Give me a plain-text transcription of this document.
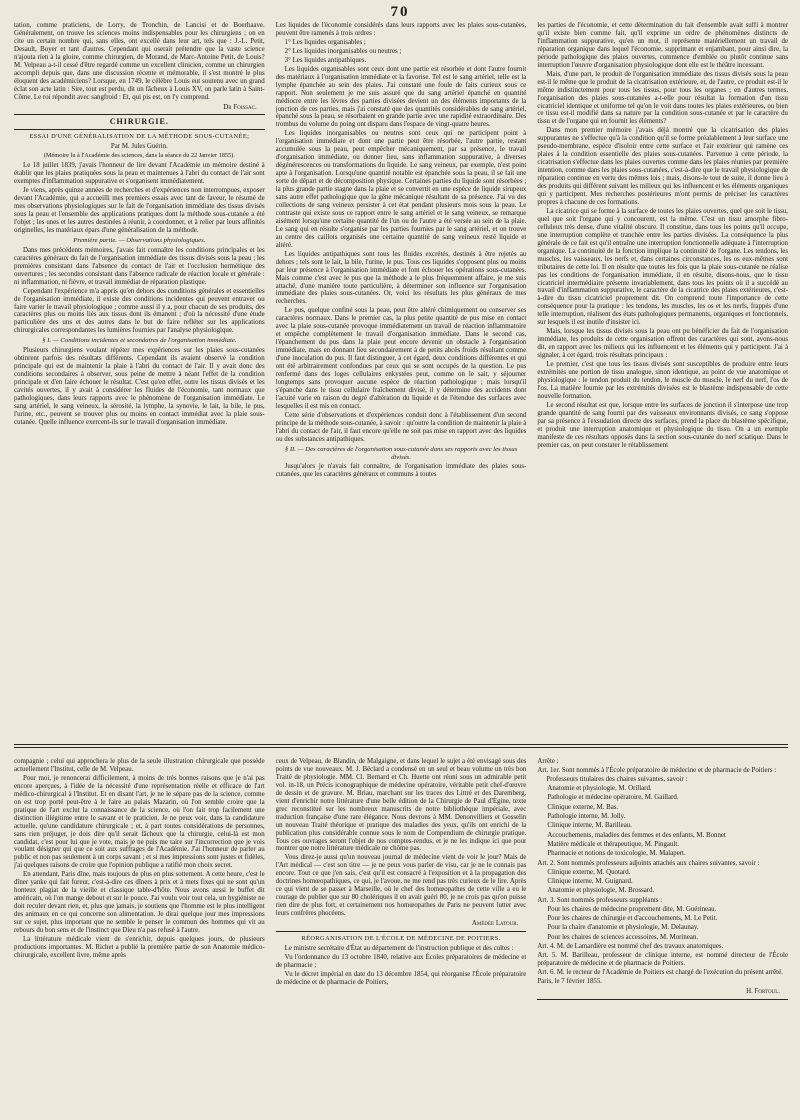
70

tation, comme praticiens, de Lorry, de Tronchin, de Lancisi et de Boerhaave. Généralement, on trouve les sciences moins indispensables pour les chirurgiens ; on en cite un certain nombre qui, sans elles, ont excellé dans leur art, tels que : J.-L. Petit, Desault, Boyer et tant d'autres. Cependant qui oserait prétendre que la vaste science n'ajouta rien à la gloire, comme chirurgien, de Morand, de Marc-Antoine Petit, de Louis? M. Velpeau a-t-il cessé d'être regardé comme un excellent clinicien, comme un chirurgien accompli depuis que, dans une discussion récente et mémorable, il s'est montré le plus éloquent des académiciens? Lorsque, en 1749, le célèbre Louis eut soutenu avec un grand éclat son acte latin : Sire, tout est perdu, dit un fâcheux à Louis XV, on parle latin à Saint-Côme. Le roi répondit avec sangfroid : Et, qui pis est, on l'y comprend.

Dr Foissac.
CHIRURGIE.
ESSAI D'UNE GÉNÉRALISATION DE LA MÉTHODE SOUS-CUTANÉE;
Par M. Jules Guérin.
(Mémoire lu à l'Académie des sciences, dans la séance du 22 Janvier 1855).

Le 18 juillet 1839, j'avais l'honneur de lire devant l'Académie un mémoire destiné à établir que les plaies pratiquées sous la peau et maintenues à l'abri du contact de l'air sont exemptes d'inflammation suppurative et s'organisent immédiatement.

Je viens, après quinze années de recherches et d'expériences non interrompues, exposer devant l'Académie, qui a accueilli mes premiers essais avec tant de faveur, le résumé de mes observations physiologiques sur le fait de l'organisation immédiate des tissus divisés sous la peau et l'ensemble des applications pratiques dont la méthode sous-cutanée a été l'objet ; les unes et les autres destinées à réunir, à coordonner, et à relier par leurs affinités originelles, les matériaux épars d'une généralisation de la méthode.

Première partie. — Observations physiologiques.

Dans mes précédents mémoires, j'avais fait connaître les conditions principales et les caractères généraux du fait de l'organisation immédiate des tissus divisés sous la peau ; les premières consistant dans l'absence du contact de l'air et l'occlusion hermétique des ouvertures ; les secondes consistant dans l'absence radicale de réaction locale et générale : ni inflammation, ni fièvre, et travail immédiat de réparation plastique.

Cependant l'expérience m'a appris qu'en dehors des conditions générales et essentielles de l'organisation immédiate, il existe des conditions incidentes qui peuvent entraver ou faire varier le travail physiologique ; comme aussi il y a, pour chacun de ses produits, des caractères plus ou moins liés aux tissus dont ils émanent ; d'où la nécessité d'une étude particulière des uns et des autres dans le but de faire refléter sur les applications chirurgicales correspondantes les lumières fournies par l'analyse physiologique.

§ I. — Conditions incidentes et secondaires de l'organisation immédiate.

Plusieurs chirurgiens voulant répéter mes expériences sur les plaies sous-cutanées obtinrent parfois des résultats différents. Cependant ils avaient observé la condition principale qui est de maintenir la plaie à l'abri du contact de l'air. Il y avait donc des conditions secondaires à observer, sous peine de mettre à néant l'effet de la condition principale et d'en faire échouer le résultat. C'est qu'en effet, outre les tissus divisés et les cavités ouvertes, il y avait à considérer les fluides de l'économie, tant normaux que pathologiques, dans leurs rapports avec le phénomène de l'organisation immédiate. Le sang artériel, le sang veineux, la sérosité, la lymphe, la synovie, le lait, la bile, le pus, l'urine, etc., peuvent se trouver plus ou moins en contact immédiat avec la plaie sous-cutanée. Quelle influence exercent-ils sur le travail d'organisation immédiate.

Les liquides de l'économie considérés dans leurs rapports avec les plaies sous-cutanées, peuvent être ramenés à trois ordres :

1° Les liquides organisables ;

2° Les liquides inorganisables ou neutres ;

3° Les liquides antipathiques.

Les liquides organisables sont ceux dont une partie est résorbée et dont l'autre fournit des matériaux à l'organisation immédiate et la favorise. Tel est le sang artériel, telle est la lymphe épanchée au sein des plaies. J'ai constaté une foule de faits curieux sous ce rapport. Non seulement je me suis assuré que du sang artériel épanché en quantité médiocre entre les lèvres des parties divisées devient un des éléments importants de la jonction de ces parties, mais j'ai constaté que des quantités considérables de sang artériel, épanché sous la peau, se résorbaient en grande partie avec une rapidité extraordinaire. Des trombus du volume du poing ont disparu dans l'espace de vingt-quatre heures.

Les liquides inorganisables ou neutres sont ceux qui ne participent point à l'organisation immédiate et dont une partie peut être résorbée, l'autre partie, restant accumulée sous la peau, peut empêcher mécaniquement, par sa présence, le travail d'organisation immédiate, ou donner lieu, sans inflammation suppurative, à diverses dégénérescences ou transformations du liquide. Le sang veineux, par exemple, n'est point apte à l'organisation. Lorsqu'une quantité notable est épanchée sous la peau, il se fait une sorte de départ et de décomposition physique. Certaines parties du liquide sont résorbées ; la plus grande partie stagne dans la plaie et se convertit en une espèce de liquide sirupeux sans autre effet pathologique que la gêne mécanique résultant de sa présence. J'ai vu des collections de sang veineux persister à cet état pendant plusieurs mois sous la peau. Le contraste qui existe sous ce rapport entre le sang artériel et le sang veineux, se remarque aisément lorsqu'une certaine quantité de l'un ou de l'autre a été versée au sein de la plaie. Le sang qui en résulte s'organise par les parties fournies par le sang artériel, et on trouve au centre des caillots organisés une certaine quantité de sang veineux resté liquide et altéré.

Les liquides antipathiques sont tous les fluides excrétés, destinés à être rejetés au dehors ; tels sont le lait, la bile, l'urine, le pus. Tous ces liquides s'opposent plus ou moins par leur présence à l'organisation immédiate et font échouer les opérations sous-cutanées. Mais comme c'est avec le pus que la méthode a le plus fréquemment affaire, je me suis attaché, d'une manière toute particulière, à déterminer son influence sur l'organisation immédiate des plaies sous-cutanées. Or, voici les résultats les plus généraux de mes recherches.

Le pus, quelque confiné sous la peau, peut être altéré chimiquement ou conserver ses caractères normaux. Dans le premier cas, la plus petite quantité de pus mise en contact avec la plaie sous-cutanée provoque immédiatement un travail de réaction inflammatoire et empêche complètement le travail d'organisation immédiate. Dans le second cas, l'épanchement du pus dans la plaie peut encore devenir un obstacle à l'organisation immédiate, mais en donnant lieu secondairement à de petits abcès froids résultant comme d'une inoculation du pus. Il faut distinguer, à cet égard, deux conditions différentes et qui ont été arbitrairement confondues par ceux qui se sont occupés de la question. Le pus renfermé dans des loges cellulaires enkystées peut, comme on le sait, y séjourner longtemps sans provoquer aucune espèce de réaction pathologique ; mais lorsqu'il s'épanche dans le tissu cellulaire fraîchement divisé, il y détermine des accidents dont l'acuité varie en raison du degré d'altération du liquide et de l'étendue des surfaces avec lesquelles il est mis en contact.

Cette série d'observations et d'expériences conduit donc à l'établissement d'un second principe de la méthode sous-cutanée, à savoir : qu'outre la condition de maintenir la plaie à l'abri du contact de l'air, il faut encore qu'elle ne soit pas mise en rapport avec des liquides ou des substances antipathiques.

§ II. — Des caractères de l'organisation sous-cutanée dans ses rapports avec les tissus divisés.

Jusqu'alors je n'avais fait connaître, de l'organisation immédiate des plaies sous-cutanées, que les caractères généraux et communs à toutes

les parties de l'économie, et cette détermination du fait d'ensemble avait suffi à montrer qu'il existe bien comme fait, qu'il exprime un ordre de phénomènes distincts de l'inflammation suppurative, qu'en un mot, il représente matériellement un travail de réparation organique dans lequel l'économie, supprimant et enjambant, pour ainsi dire, la période pathologique des plaies ouvertes, commence d'emblée ou plutôt continue sans interruption l'œuvre d'organisation physiologique dont elle est le théâtre incessant.

Mais, d'une part, le produit de l'organisation immédiate des tissus divisés sous la peau est-il le même que le produit de la cicatrisation extérieure, et, de l'autre, ce produit est-il le même indistinctement pour tous les tissus, pour tous les organes ; en d'autres termes, l'organisation des plaies sous-cutanées a-t-elle pour résultat la formation d'un tissu cicatriciel identique et uniforme tel qu'on le voit dans toutes les plaies extérieures, ou bien ce tissu est-il modifié dans sa nature par la condition sous-cutanée et par le caractère du tissu et de l'organe qui en fournit les éléments?

Dans mon premier mémoire j'avais déjà montré que la cicatrisation des plaies suppurantes ne s'effectue qu'à la condition qu'il se forme préalablement à leur surface une pseudo-membrane, espèce d'isoloir entre cette surface et l'air extérieur qui ramène ces plaies à la condition essentielle des plaies sous-cutanées. Parvenue à cette période, la cicatrisation s'effectue dans les plaies ouvertes comme dans les plaies réunies par première intention, comme dans les plaies sous-cutanées, c'est-à-dire que le travail physiologique de réparation continue en vertu des mêmes lois ; mais, disons-le tout de suite, il donne lieu à des produits qui diffèrent suivant les milieux qui les influencent et les éléments organiques qui y participent. Mes recherches postérieures m'ont permis de préciser les caractères propres à chacune de ces formations.

La cicatrice qui se forme à la surface de toutes les plaies ouvertes, quel que soit le tissu, quel que soit l'organe qui y concourent, est la même. C'est un tissu amorphe fibro-celluleux très dense, d'une vitalité obscure. Il constitue, dans tous les points qu'il occupe, une interruption complète et tranchée entre les parties divisées. La conséquence la plus générale de ce fait est qu'il entraîne une interruption fonctionnelle adéquate à l'interruption organique. La continuité de la fonction implique la continuité de l'organe. Les tendons, les muscles, les vaisseaux, les nerfs et, dans certaines circonstances, les os eux-mêmes sont tributaires de cette loi. Il en résulte que toutes les fois que la plaie sous-cutanée ne réalise pas les conditions de l'organisation immédiate, il en résulte, disons-nous, que le tissu cicatriciel intermédiaire présente invariablement, dans tous les points où il a succédé au travail d'inflammation suppurative, le caractère de la cicatrice des plaies extérieures, c'est-à-dire du tissu cicatriciel proprement dit. On comprend toute l'importance de cette conséquence pour la pratique : les tendons, les muscles, les os et les nerfs, frappés d'une telle interruption, réalisent des états pathologiques permanents, organiques et fonctionnels, sur lesquels il est inutile d'insister ici.

Mais, lorsque les tissus divisés sous la peau ont pu bénéficier du fait de l'organisation immédiate, les produits de cette organisation offrent des caractères qui sont, avons-nous dit, en rapport avec les milieux qui les influencent et les éléments qui y participent. J'ai à signaler, à cet égard, trois résultats principaux :

Le premier, c'est que tous les tissus divisés sont susceptibles de produire entre leurs extrémités une portion de tissu analogue, sinon identique, au point de vue anatomique et physiologique : le tendon produit du tendon, le muscle du muscle, le nerf du nerf, l'os de l'os. La matière fournie par les extrémités divisées est le blastème indispensable de cette nouvelle formation.

Le second résultat est que, lorsque entre les surfaces de jonction il s'interpose une trop grande quantité de sang fourni par des vaisseaux environnants divisés, ce sang s'oppose par sa présence à l'exsudation directe des surfaces, prend la place du blastème spécifique, et produit une interruption anatomique et physiologique du tissu. On a un exemple manifeste de ces résultats opposés dans la section sous-cutanée du nerf sciatique. Dans le premier cas, on peut constater le rétablissement

compagnie ; celui qui approchera le plus de la seule illustration chirurgicale que possède actuellement l'Institut, celle de M. Velpeau.

Pour moi, je renoncerai difficilement, à moins de très bonnes raisons que je n'ai pas encore aperçues, à l'idée de la nécessité d'une représentation réelle et efficace de l'art médico-chirurgical à l'Institut. Et en disant l'art, je ne le sépare pas de la science, comme on est trop porté peut-être à le faire au palais Mazarin, où l'on semble croire que la pratique de l'art exclut la connaissance de la science, où l'on fait trop facilement une distinction illégitime entre le savant et le praticien. Je ne peux voir, dans la candidature actuelle, qu'une candidature chirurgicale ; et, à part toutes considérations de personnes, sans rien préjuger, je dois dire qu'il serait fâcheux que la chirurgie, celui-là est mon candidat, c'est pour lui que je vote, mais je ne puis me taire sur l'incorrection que je vois voulant désigner qui que ce soit aux suffrages de l'Académie. J'ai l'honneur de parler au public et non pas seulement à un corps savant ; et si mes impressions sont justes et fidèles, j'ai quelques raisons de croire que l'opinion publique a ratifié mon choix secret.

En attendant, Paris dîne, mais toujours de plus en plus sottement. A cette heure, c'est le dîner yanke qui fait fureur, c'est-à-dire ces dîners à prix et à mets fixes qui ne sont qu'un honteux plagiat de la vieille et classique table-d'hôte. Nous avons aussi le buffet dit américain, où l'on mange debout et sur le pouce. J'ai voulu voir tout cela, un hygiéniste ne doit reculer devant rien, et, plus que jamais, je soutiens que l'homme est le plus intelligent des animaux en ce qui concerne son alimentation. Je dirai quelque jour mes impressions sur ce sujet, plus important que ne semble le penser le commun des hommes qui vit au rebours du bon sens et de l'instinct que Dieu n'a pas refusé à l'autre.

La littérature médicale vient de s'enrichir, depuis quelques jours, de plusieurs productions importantes. M. Richet a publié la première partie de son Anatomie médico-chirurgicale, excellent livre, même après

ceux de Velpeau, de Blandin, de Malgaigne, et dans lequel le sujet a été envisagé sous des points de vue nouveaux. M. J. Béclard a condensé en un seul et beau volume un très bon Traité de physiologie. MM. Cl. Bernard et Ch. Huette ont réuni sous un admirable petit vol. in-18, un Précis iconographique de médecine opératoire, véritable petit chef-d'œuvre de dessin et de gravure. M. Briau, marchant sur les traces des Littré et des Daremberg, vient d'enrichir notre littérature d'une belle édition de la Chirurgie de Paul d'Égine, texte grec reconstitué sur les nombreux manuscrits de notre bibliothèque impériale, avec traduction française d'une rare élégance. Nous devrons à MM. Denonvilliers et Gosselin un nouveau Traité théorique et pratique des maladies des yeux, qu'ils ont enrichi de la publication plus considérable connue sous le nom de Compendium de chirurgie pratique. Tous ces ouvrages seront l'objet de nos comptes-rendus, et je ne les indique ici que pour montrer que notre littérature médicale ne chôme pas.

Vous direz-je aussi qu'un nouveau journal de médecine vient de voir le jour? Mais de l'Art médical — c'est son titre — je ne peux vous parler de visu, car je ne le connais pas encore. Tout ce que j'en sais, c'est qu'il est consacré à l'exposition et à la propagation des doctrines homœopathiques, ce qui, je l'avoue, ne me rend pas très curieux de le lire. Après ce qui vient de se passer à Marseille, où le chef des homœopathes de cette ville a eu le courage de publier que sur 80 cholériques il en avait guéri 80, je ne crois pas qu'on puisse rien dire de plus fort, et certainement nos homœopathes de Paris ne peuvent lutter avec leurs confrères phocéens.

Amédée Latour.
RÉORGANISATION DE L'ÉCOLE DE MÉDECINE DE POITIERS.

Le ministre secrétaire d'État au département de l'instruction publique et des cultes :

Vu l'ordonnance du 13 octobre 1840, relative aux Écoles préparatoires de médecine et de pharmacie ;

Vu le décret impérial en date du 13 décembre 1854, qui réorganise l'École préparatoire de médecine et de pharmacie de Poitiers,

Arrête :

Art. 1er. Sont nommés à l'École préparatoire de médecine et de pharmacie de Poitiers :

Professeurs titulaires des chaires suivantes, savoir :

Anatomie et physiologie, M. Orillard.

Pathologie et médecine opératoire, M. Gaillard.

Clinique externe, M. Bas.

Pathologie interne, M. Jolly.

Clinique interne, M. Barilleau.

Accouchements, maladies des femmes et des enfants, M. Bonnet

Matière médicale et thérapeutique, M. Pingault.

Pharmacie et notions de toxicologie, M. Malapert.

Art. 2. Sont nommés professeurs adjoints attachés aux chaires suivantes, savoir :

Clinique externe, M. Quotard.

Clinique interne, M. Guignard.

Anatomie et physiologie, M. Brossard.

Art. 3. Sont nommés professeurs suppléants :

Pour les chaires de médecine proprement dite, M. Guérineau.

Pour les chaires de chirurgie et d'accouchements, M. Le Petit.

Pour la chaire d'anatomie et physiologie, M. Delaunay.

Pour les chaires de sciences accessoires, M. Morinean.

Art. 4. M. de Lamardière est nommé chef des travaux anatomiques.

Art. 5. M. Barilleau, professeur de clinique interne, est nommé directeur de l'École préparatoire de médecine et de pharmacie de Poitiers.

Art. 6. M. le recteur de l'Académie de Poitiers est chargé de l'exécution du présent arrêté.

Paris, le 7 février 1855.

H. Fortoul.
